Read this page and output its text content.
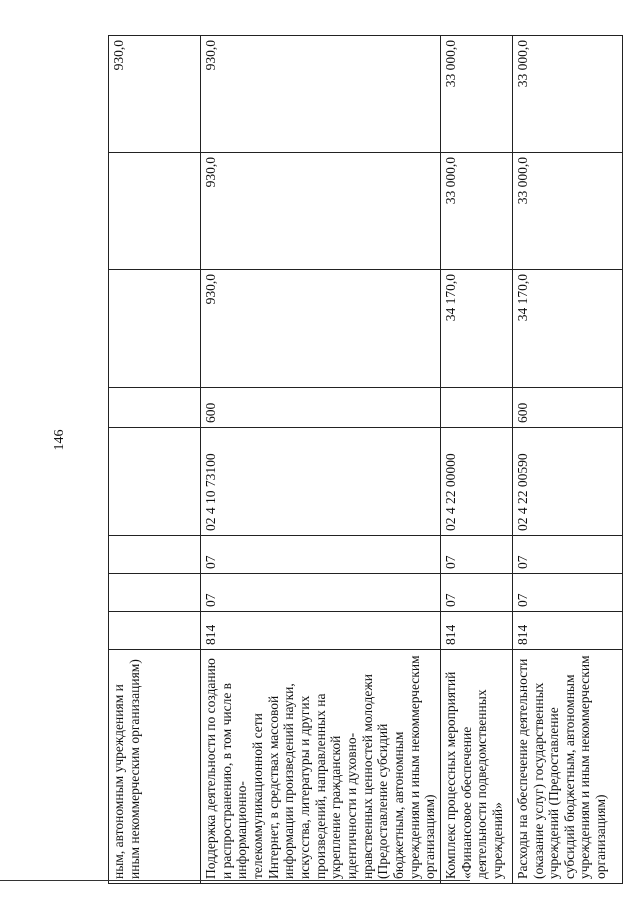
146
ным, автономным учреждениям и иным некоммерческим организациям)								930,0
Поддержка деятельности по созданию и распространению, в том числе в информационно-телекоммуникационной сети Интернет, в средствах массовой информации произведений науки, искусства, литературы и других произведений, направленных на укрепление гражданской идентичности и духовно-нравственных ценностей молодежи (Предоставление субсидий бюджетным, автономным учреждениям и иным некоммерческим организациям)	814	07	07	02 4 10 73100	600	930,0	930,0	930,0
Комплекс процессных мероприятий «Финансовое обеспечение деятельности подведомственных учреждений»	814	07	07	02 4 22 00000		34 170,0	33 000,0	33 000,0
Расходы на обеспечение деятельности (оказание услуг) государственных учреждений (Предоставление субсидий бюджетным, автономным учреждениям и иным некоммерческим организациям)	814	07	07	02 4 22 00590	600	34 170,0	33 000,0	33 000,0
